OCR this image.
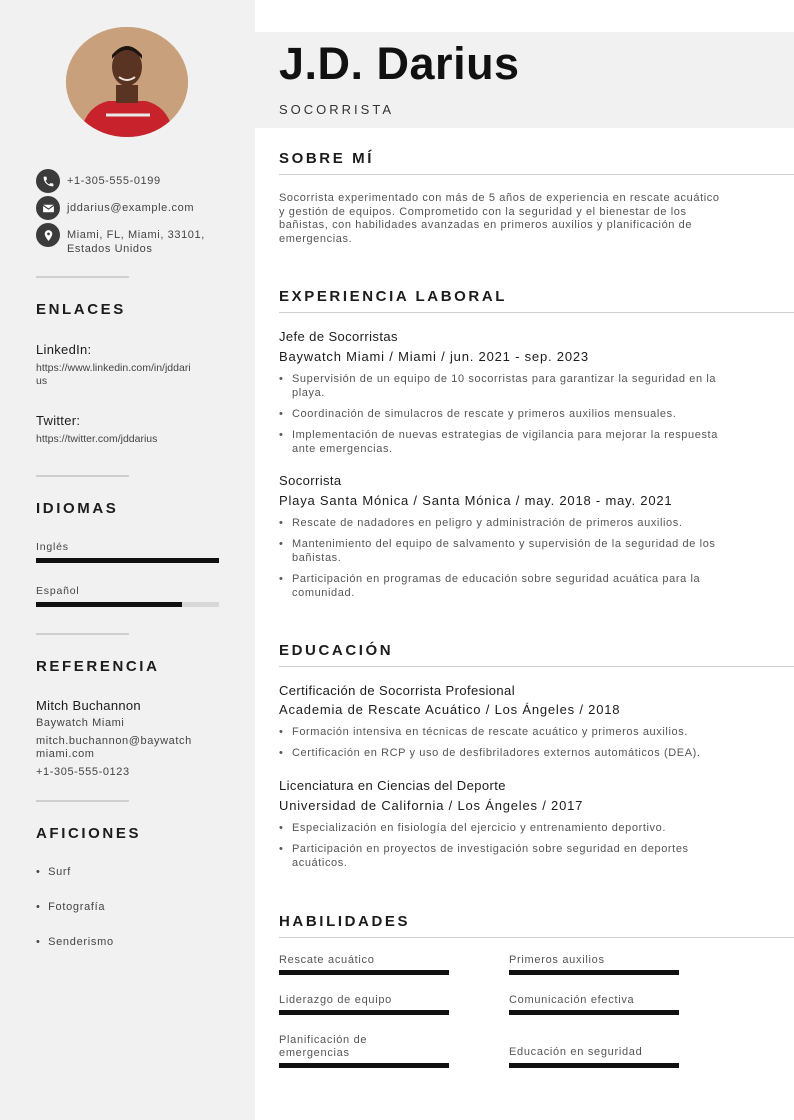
+1-305-555-0199
jddarius@example.com
Miami, FL, Miami, 33101,
Estados Unidos
ENLACES
LinkedIn:
https://www.linkedin.com/in/jddari
us
Twitter:
https://twitter.com/jddarius
IDIOMAS
Inglés
Español
REFERENCIA
Mitch Buchannon
Baywatch Miami
mitch.buchannon@baywatch
miami.com
+1-305-555-0123
AFICIONES
•  Surf
•  Fotografía
•  Senderismo
J.D. Darius
SOCORRISTA
SOBRE MÍ
Socorrista experimentado con más de 5 años de experiencia en rescate acuático
y gestión de equipos. Comprometido con la seguridad y el bienestar de los
bañistas, con habilidades avanzadas en primeros auxilios y planificación de
emergencias.
EXPERIENCIA LABORAL
Jefe de Socorristas
Baywatch Miami / Miami / jun. 2021 - sep. 2023
• Supervisión de un equipo de 10 socorristas para garantizar la seguridad en la
playa.
• Coordinación de simulacros de rescate y primeros auxilios mensuales.
• Implementación de nuevas estrategias de vigilancia para mejorar la respuesta
ante emergencias.
Socorrista
Playa Santa Mónica / Santa Mónica / may. 2018 - may. 2021
• Rescate de nadadores en peligro y administración de primeros auxilios.
• Mantenimiento del equipo de salvamento y supervisión de la seguridad de los
bañistas.
• Participación en programas de educación sobre seguridad acuática para la
comunidad.
EDUCACIÓN
Certificación de Socorrista Profesional
Academia de Rescate Acuático / Los Ángeles / 2018
• Formación intensiva en técnicas de rescate acuático y primeros auxilios.
• Certificación en RCP y uso de desfibriladores externos automáticos (DEA).
Licenciatura en Ciencias del Deporte
Universidad de California / Los Ángeles / 2017
• Especialización en fisiología del ejercicio y entrenamiento deportivo.
• Participación en proyectos de investigación sobre seguridad en deportes
acuáticos.
HABILIDADES
Rescate acuático	Primeros auxilios
Liderazgo de equipo	Comunicación efectiva
Planificación de
emergencias	Educación en seguridad
